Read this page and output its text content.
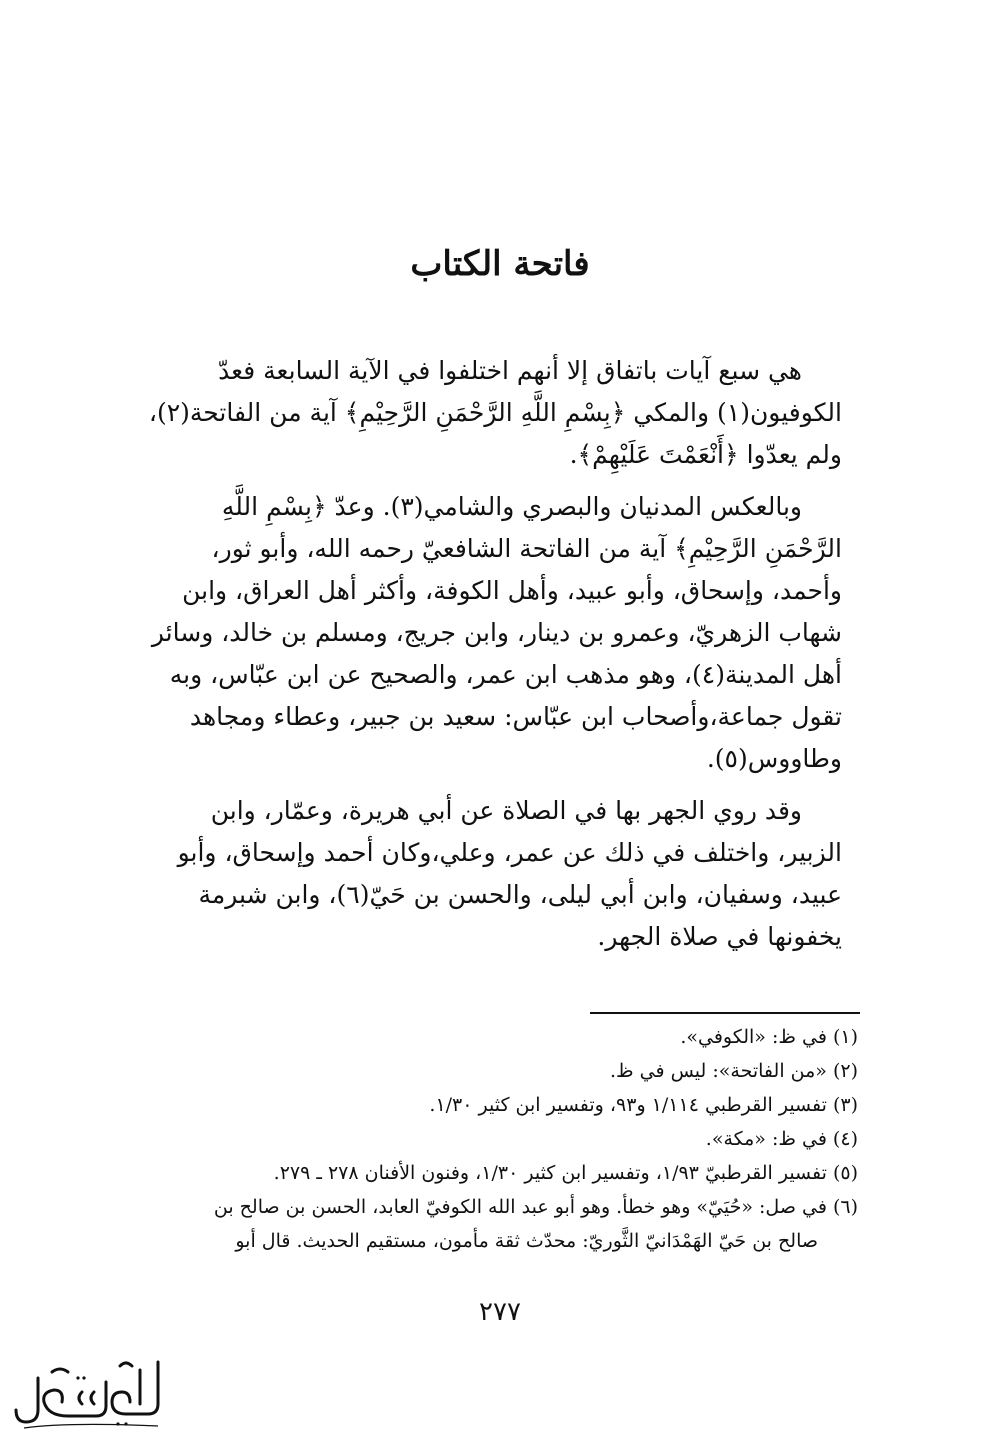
فاتحة الكتاب

هي سبع آيات باتفاق إلا أنهم اختلفوا في الآية السابعة فعدّ
الكوفيون(١) والمكي ﴿بِسْمِ اللَّهِ الرَّحْمَنِ الرَّحِيْمِ﴾ آية من الفاتحة(٢)،
ولم يعدّوا ﴿أَنْعَمْتَ عَلَيْهِمْ﴾.

وبالعكس المدنيان والبصري والشامي(٣). وعدّ ﴿بِسْمِ اللَّهِ
الرَّحْمَنِ الرَّحِيْمِ﴾ آية من الفاتحة الشافعيّ رحمه الله، وأبو ثور،
وأحمد، وإسحاق، وأبو عبيد، وأهل الكوفة، وأكثر أهل العراق، وابن
شهاب الزهريّ، وعمرو بن دينار، وابن جريج، ومسلم بن خالد، وسائر
أهل المدينة(٤)، وهو مذهب ابن عمر، والصحيح عن ابن عبّاس، وبه
تقول جماعة،وأصحاب ابن عبّاس: سعيد بن جبير، وعطاء ومجاهد
وطاووس(٥).

وقد روي الجهر بها في الصلاة عن أبي هريرة، وعمّار، وابن
الزبير، واختلف في ذلك عن عمر، وعلي،وكان أحمد وإسحاق، وأبو
عبيد، وسفيان، وابن أبي ليلى، والحسن بن حَيّ(٦)، وابن شبرمة
يخفونها في صلاة الجهر.

(١) في ظ: «الكوفي».
(٢) «من الفاتحة»: ليس في ظ.
(٣) تفسير القرطبي ١/١١٤ و٩٣، وتفسير ابن كثير ١/٣٠.
(٤) في ظ: «مكة».
(٥) تفسير القرطبيّ ١/٩٣، وتفسير ابن كثير ١/٣٠، وفنون الأفنان ٢٧٨ ـ ٢٧٩.
(٦) في صل: «حُيَيّ» وهو خطأ. وهو أبو عبد الله الكوفيّ العابد، الحسن بن صالح بن
صالح بن حَيّ الهَمْدَانيّ الثَّوريّ: محدّث ثقة مأمون، مستقيم الحديث. قال أبو
٢٧٧
